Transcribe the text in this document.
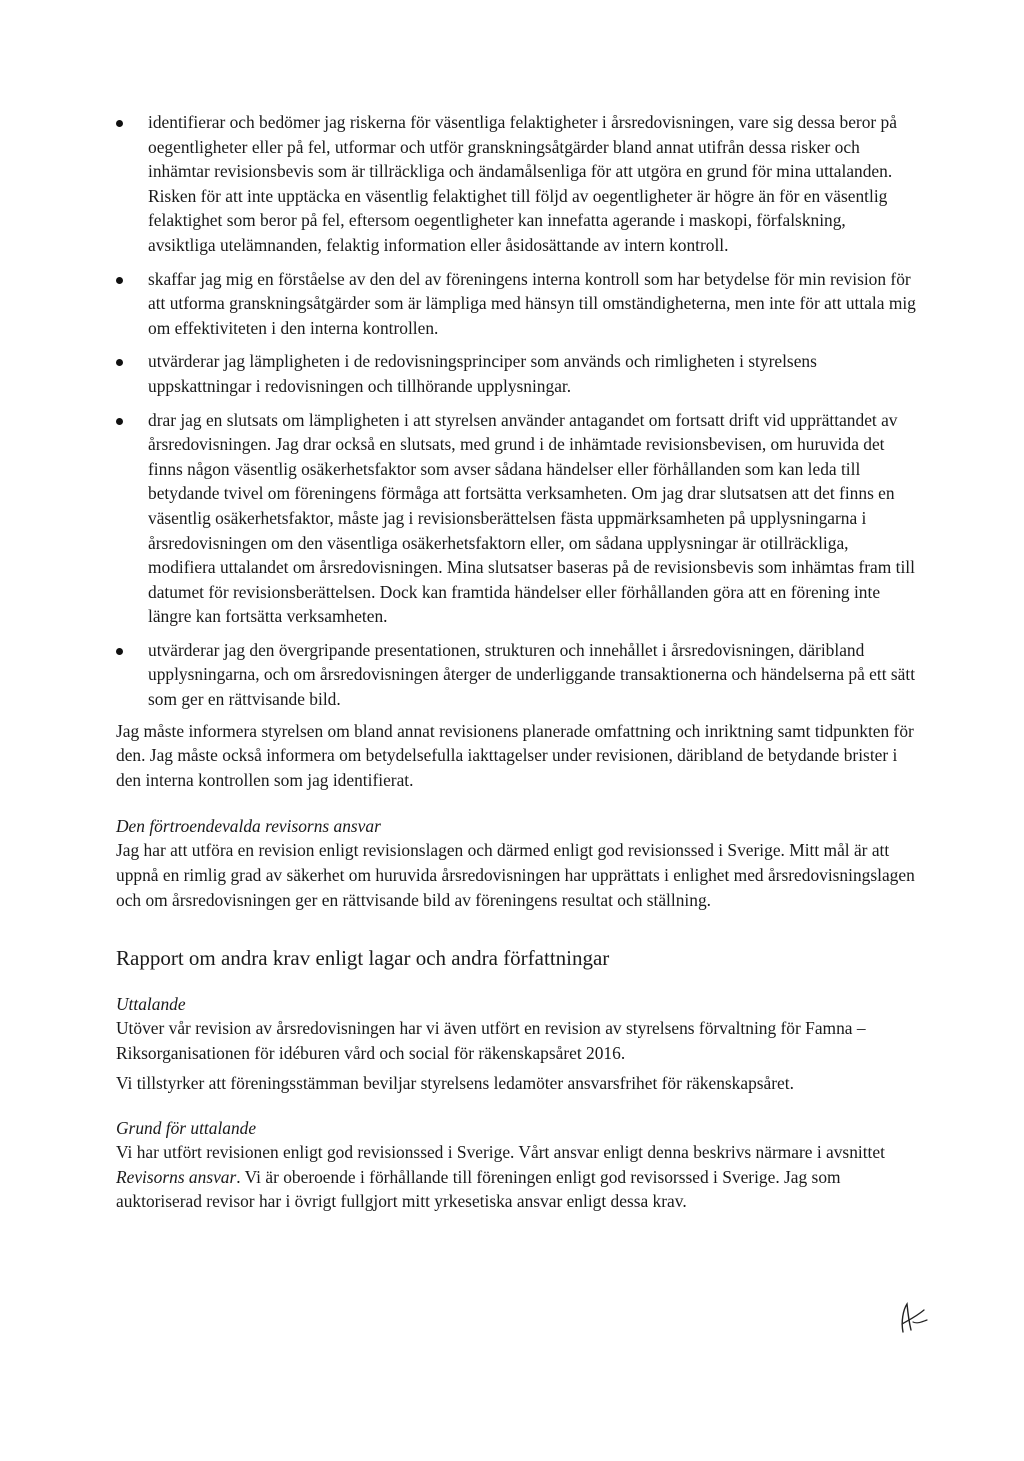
identifierar och bedömer jag riskerna för väsentliga felaktigheter i årsredovisningen, vare sig dessa beror på oegentligheter eller på fel, utformar och utför granskningsåtgärder bland annat utifrån dessa risker och inhämtar revisionsbevis som är tillräckliga och ändamålsenliga för att utgöra en grund för mina uttalanden. Risken för att inte upptäcka en väsentlig felaktighet till följd av oegentligheter är högre än för en väsentlig felaktighet som beror på fel, eftersom oegentligheter kan innefatta agerande i maskopi, förfalskning, avsiktliga utelämnanden, felaktig information eller åsidosättande av intern kontroll.
skaffar jag mig en förståelse av den del av föreningens interna kontroll som har betydelse för min revision för att utforma granskningsåtgärder som är lämpliga med hänsyn till omständigheterna, men inte för att uttala mig om effektiviteten i den interna kontrollen.
utvärderar jag lämpligheten i de redovisningsprinciper som används och rimligheten i styrelsens uppskattningar i redovisningen och tillhörande upplysningar.
drar jag en slutsats om lämpligheten i att styrelsen använder antagandet om fortsatt drift vid upprättandet av årsredovisningen. Jag drar också en slutsats, med grund i de inhämtade revisionsbevisen, om huruvida det finns någon väsentlig osäkerhetsfaktor som avser sådana händelser eller förhållanden som kan leda till betydande tvivel om föreningens förmåga att fortsätta verksamheten. Om jag drar slutsatsen att det finns en väsentlig osäkerhetsfaktor, måste jag i revisionsberättelsen fästa uppmärksamheten på upplysningarna i årsredovisningen om den väsentliga osäkerhetsfaktorn eller, om sådana upplysningar är otillräckliga, modifiera uttalandet om årsredovisningen. Mina slutsatser baseras på de revisionsbevis som inhämtas fram till datumet för revisionsberättelsen. Dock kan framtida händelser eller förhållanden göra att en förening inte längre kan fortsätta verksamheten.
utvärderar jag den övergripande presentationen, strukturen och innehållet i årsredovisningen, däribland upplysningarna, och om årsredovisningen återger de underliggande transaktionerna och händelserna på ett sätt som ger en rättvisande bild.

Jag måste informera styrelsen om bland annat revisionens planerade omfattning och inriktning samt tidpunkten för den. Jag måste också informera om betydelsefulla iakttagelser under revisionen, däribland de betydande brister i den interna kontrollen som jag identifierat.

Den förtroendevalda revisorns ansvar

Jag har att utföra en revision enligt revisionslagen och därmed enligt god revisionssed i Sverige. Mitt mål är att uppnå en rimlig grad av säkerhet om huruvida årsredovisningen har upprättats i enlighet med årsredovisningslagen och om årsredovisningen ger en rättvisande bild av föreningens resultat och ställning.

Rapport om andra krav enligt lagar och andra författningar

Uttalande

Utöver vår revision av årsredovisningen har vi även utfört en revision av styrelsens förvaltning för Famna – Riksorganisationen för idéburen vård och social för räkenskapsåret 2016.

Vi tillstyrker att föreningsstämman beviljar styrelsens ledamöter ansvarsfrihet för räkenskapsåret.

Grund för uttalande

Vi har utfört revisionen enligt god revisionssed i Sverige. Vårt ansvar enligt denna beskrivs närmare i avsnittet Revisorns ansvar. Vi är oberoende i förhållande till föreningen enligt god revisorssed i Sverige. Jag som auktoriserad revisor har i övrigt fullgjort mitt yrkesetiska ansvar enligt dessa krav.
